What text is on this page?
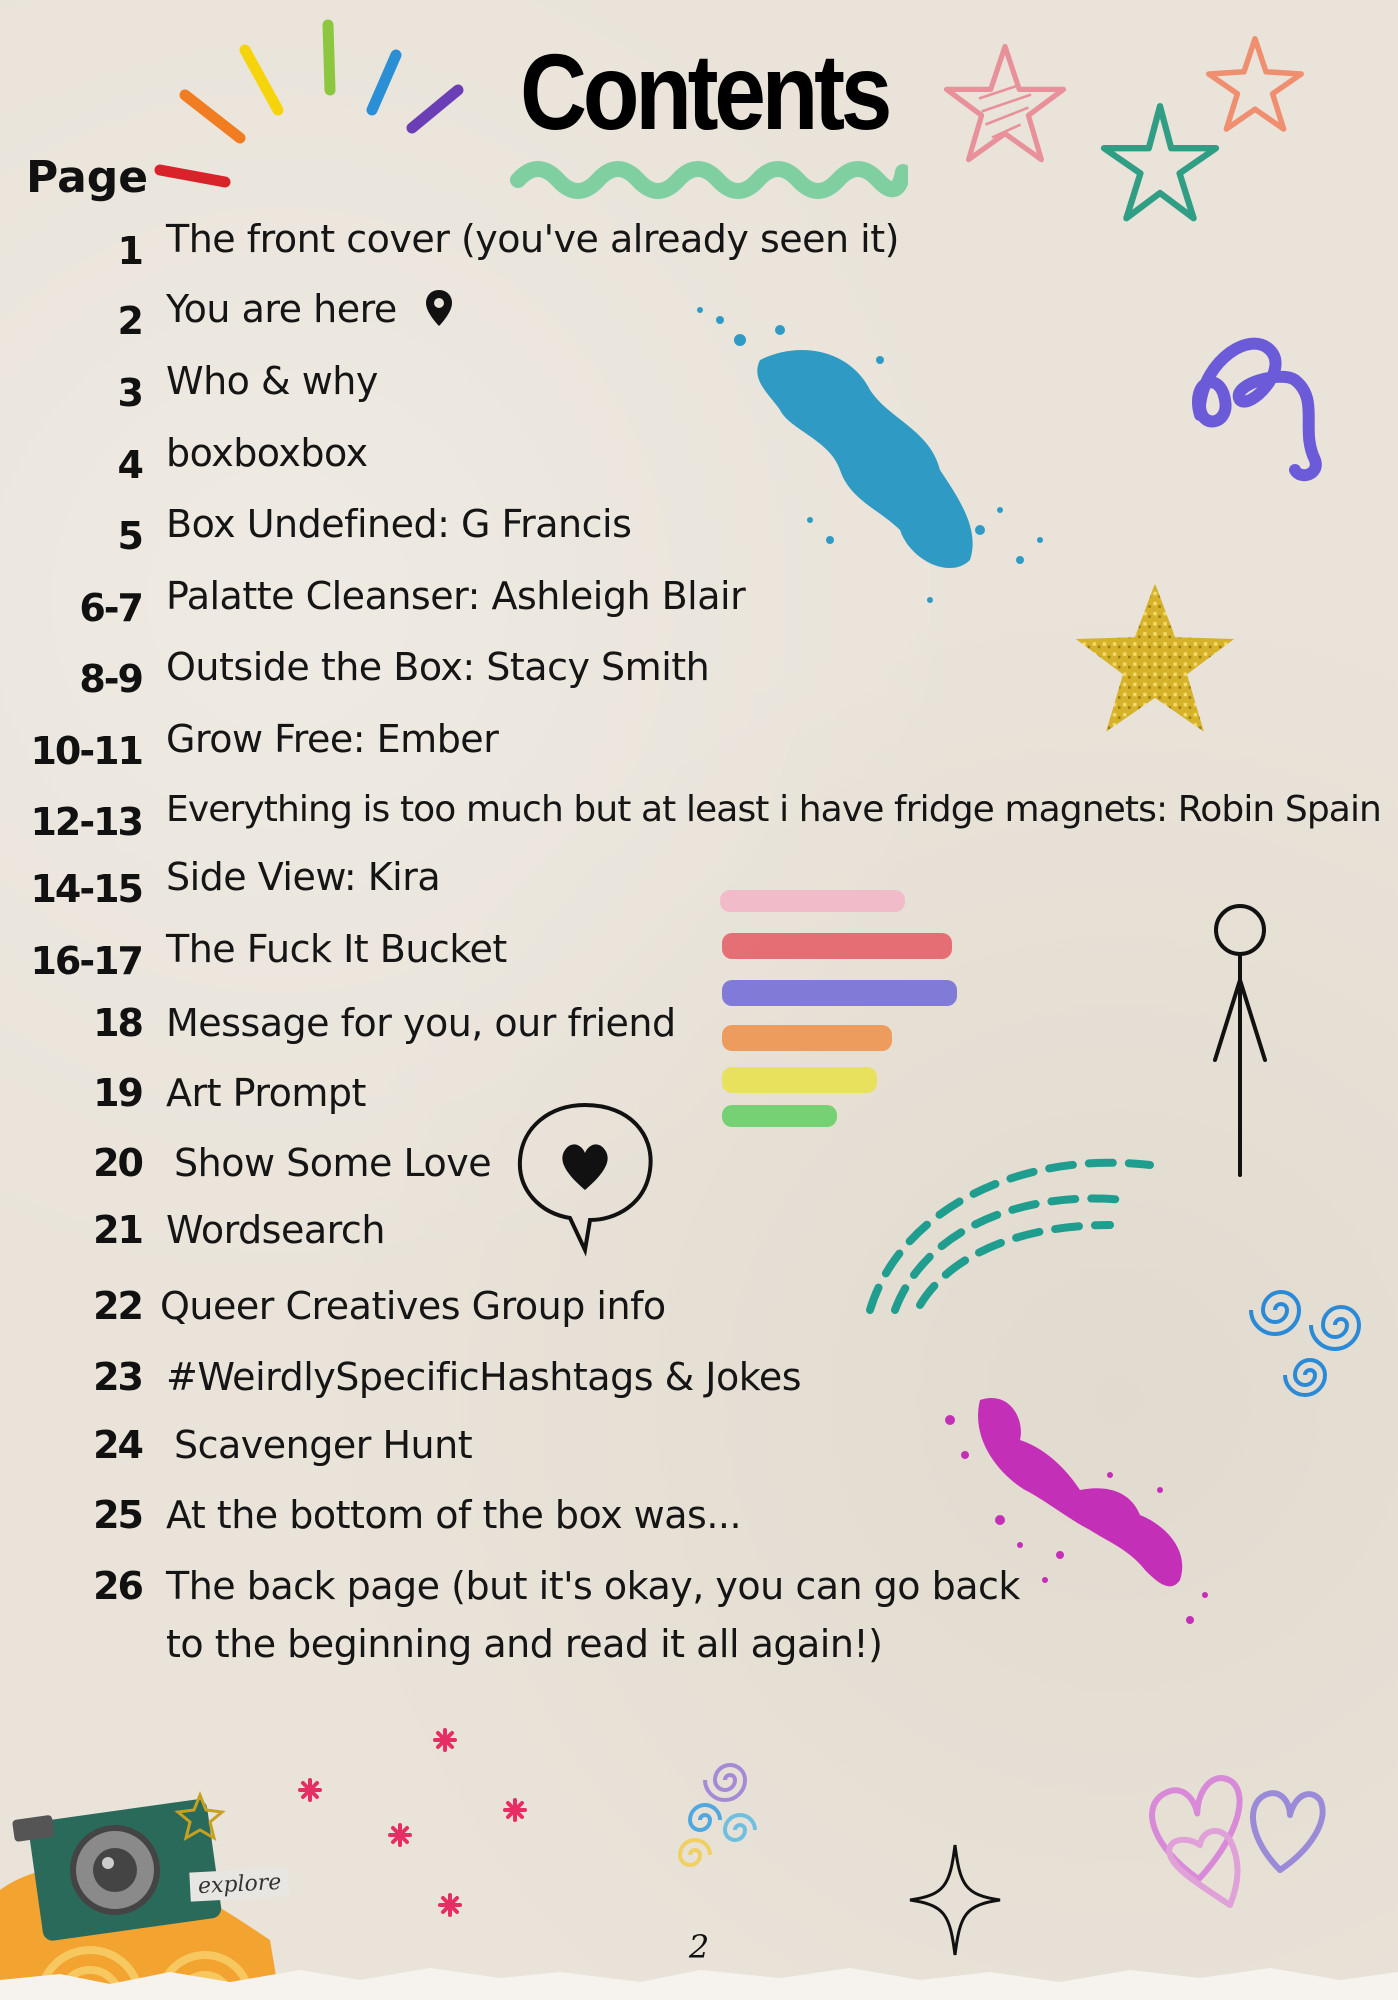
explore
Contents
Page
1 The front cover (you've already seen it)
2 You are here
3 Who & why
4 boxboxbox
5 Box Undefined: G Francis
6-7 Palatte Cleanser: Ashleigh Blair
8-9 Outside the Box: Stacy Smith
10-11 Grow Free: Ember
12-13 Everything is too much but at least i have fridge magnets: Robin Spain
14-15 Side View: Kira
16-17 The Fuck It Bucket
18 Message for you, our friend
19 Art Prompt
20 Show Some Love
21 Wordsearch
22 Queer Creatives Group info
23 #WeirdlySpecificHashtags & Jokes
24 Scavenger Hunt
25 At the bottom of the box was...
26 The back page (but it's okay, you can go back
to the beginning and read it all again!)
2
